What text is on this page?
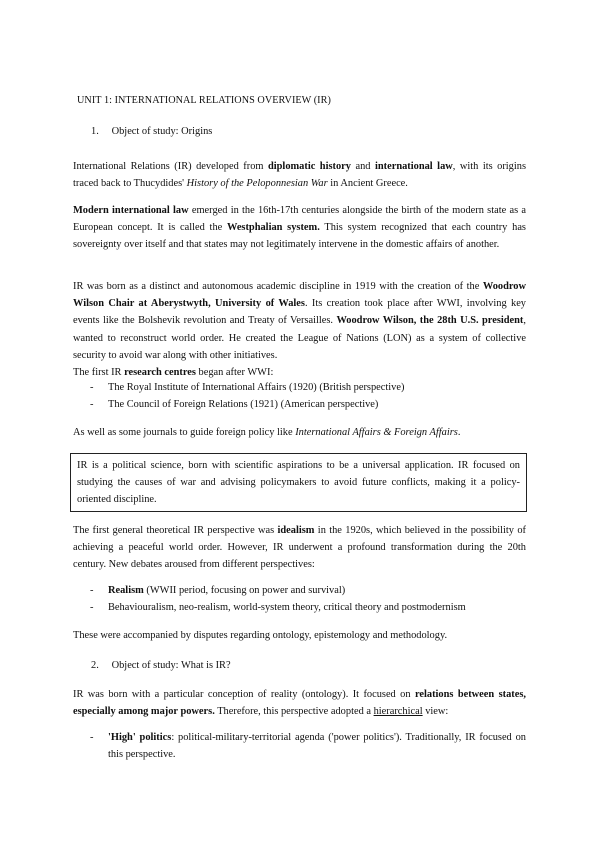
UNIT 1: INTERNATIONAL RELATIONS OVERVIEW (IR)
1. Object of study: Origins
International Relations (IR) developed from diplomatic history and international law, with its origins traced back to Thucydides' History of the Peloponnesian War in Ancient Greece.
Modern international law emerged in the 16th-17th centuries alongside the birth of the modern state as a European concept. It is called the Westphalian system. This system recognized that each country has sovereignty over itself and that states may not legitimately intervene in the domestic affairs of another.
IR was born as a distinct and autonomous academic discipline in 1919 with the creation of the Woodrow Wilson Chair at Aberystwyth, University of Wales. Its creation took place after WWI, involving key events like the Bolshevik revolution and Treaty of Versailles. Woodrow Wilson, the 28th U.S. president, wanted to reconstruct world order. He created the League of Nations (LON) as a system of collective security to avoid war along with other initiatives.
The first IR research centres began after WWI:
- The Royal Institute of International Affairs (1920) (British perspective)
- The Council of Foreign Relations (1921) (American perspective)
As well as some journals to guide foreign policy like International Affairs & Foreign Affairs.
IR is a political science, born with scientific aspirations to be a universal application. IR focused on studying the causes of war and advising policymakers to avoid future conflicts, making it a policy-oriented discipline.
The first general theoretical IR perspective was idealism in the 1920s, which believed in the possibility of achieving a peaceful world order. However, IR underwent a profound transformation during the 20th century. New debates aroused from different perspectives:
- Realism (WWII period, focusing on power and survival)
- Behaviouralism, neo-realism, world-system theory, critical theory and postmodernism
These were accompanied by disputes regarding ontology, epistemology and methodology.
2. Object of study: What is IR?
IR was born with a particular conception of reality (ontology). It focused on relations between states, especially among major powers. Therefore, this perspective adopted a hierarchical view:
- 'High' politics: political-military-territorial agenda ('power politics'). Traditionally, IR focused on this perspective.
